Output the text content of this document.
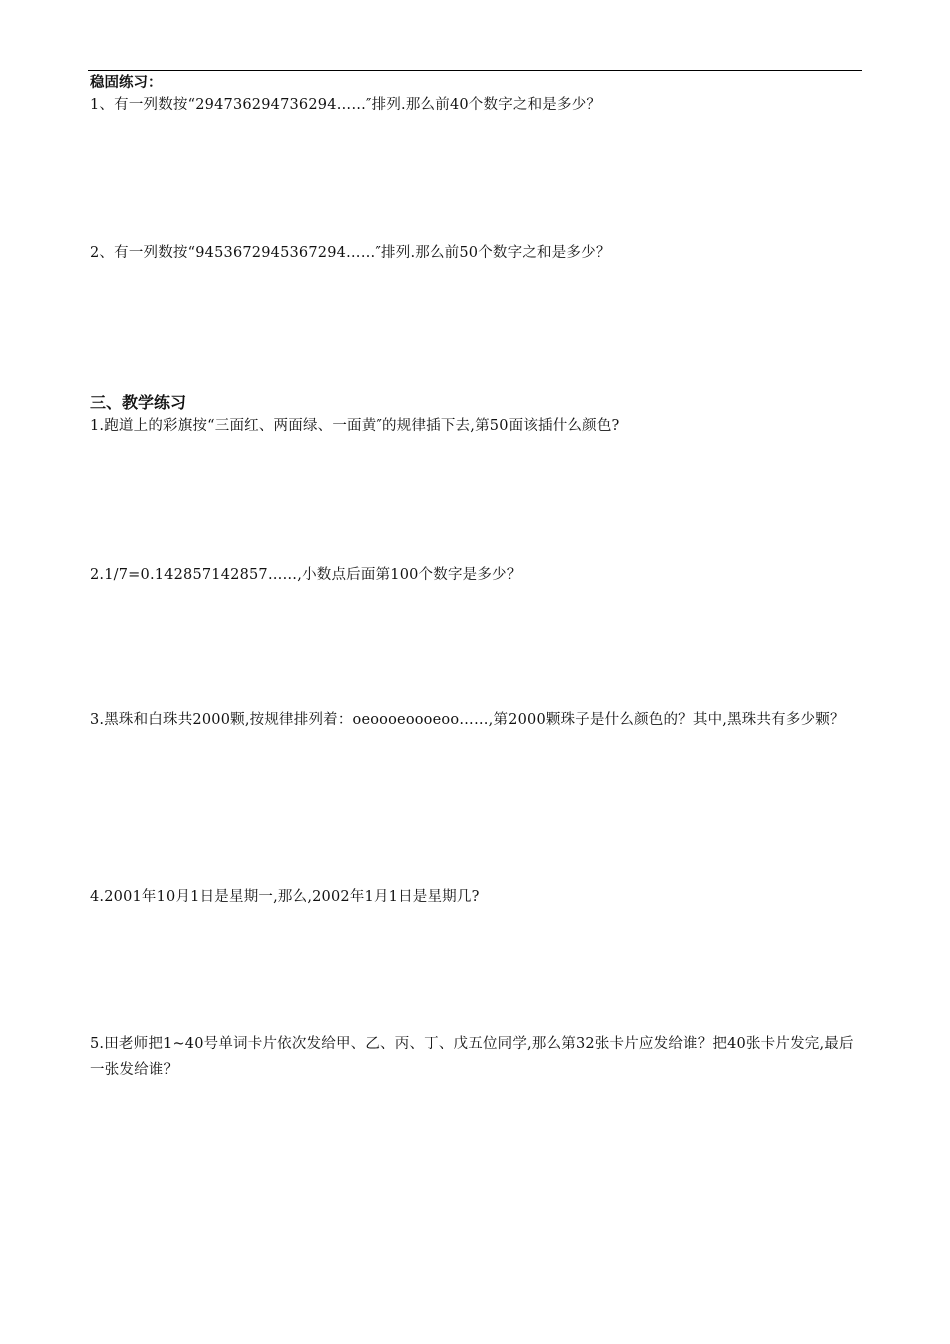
稳固练习：
1、有一列数按“294736294736294……″排列.那么前40个数字之和是多少？
2、有一列数按“9453672945367294……″排列.那么前50个数字之和是多少？
三、教学练习
1.跑道上的彩旗按“三面红、两面绿、一面黄″的规律插下去,第50面该插什么颜色?
2.1/7=0.142857142857……,小数点后面第100个数字是多少？
3.黑珠和白珠共2000颗,按规律排列着：oeoooeoooeoo……,第2000颗珠子是什么颜色的？其中,黑珠共有多少颗？
4.2001年10月1日是星期一,那么,2002年1月1日是星期几?
5.田老师把1~40号单词卡片依次发给甲、乙、丙、丁、戊五位同学,那么第32张卡片应发给谁？把40张卡片发完,最后一张发给谁？
